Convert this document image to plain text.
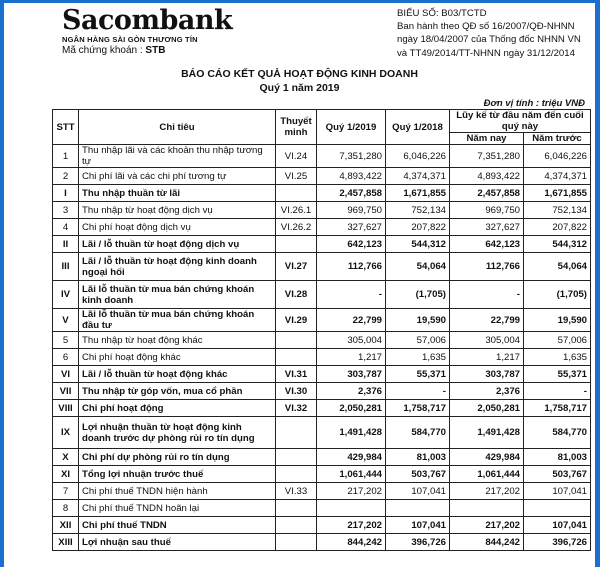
Sacombank
NGÂN HÀNG SÀI GÒN THƯƠNG TÍN
Mã chứng khoán : STB
BIỂU SỐ: B03/TCTD
Ban hành theo QĐ số 16/2007/QĐ-NHNN
ngày 18/04/2007 của Thống đốc NHNN VN
và TT49/2014/TT-NHNN ngày 31/12/2014
BÁO CÁO KẾT QUẢ HOẠT ĐỘNG KINH DOANH
Quý 1 năm 2019
Đơn vị tính : triệu VNĐ
STT	Chỉ tiêu	Thuyết minh	Quý 1/2019	Quý 1/2018	Lũy kế từ đầu năm đến cuối quý này	
					Năm nay	Năm trước
1	Thu nhập lãi và các khoản thu nhập tương tự	VI.24	7,351,280	6,046,226	7,351,280	6,046,226
2	Chi phí lãi và các chi phí tương tự	VI.25	4,893,422	4,374,371	4,893,422	4,374,371
I	Thu nhập thuần từ lãi		2,457,858	1,671,855	2,457,858	1,671,855
3	Thu nhập từ hoạt động dịch vụ	VI.26.1	969,750	752,134	969,750	752,134
4	Chi phí hoạt động dịch vụ	VI.26.2	327,627	207,822	327,627	207,822
II	Lãi / lỗ thuần từ hoạt động dịch vụ		642,123	544,312	642,123	544,312
III	Lãi / lỗ thuần từ hoạt động kinh doanh ngoại hối	VI.27	112,766	54,064	112,766	54,064
IV	Lãi lỗ thuần từ mua bán chứng khoán kinh doanh	VI.28	-	(1,705)	-	(1,705)
V	Lãi lỗ thuần từ mua bán chứng khoán đầu tư	VI.29	22,799	19,590	22,799	19,590
5	Thu nhập từ hoạt động khác		305,004	57,006	305,004	57,006
6	Chi phí hoạt động khác		1,217	1,635	1,217	1,635
VI	Lãi / lỗ thuần từ hoạt động khác	VI.31	303,787	55,371	303,787	55,371
VII	Thu nhập từ góp vốn, mua cổ phần	VI.30	2,376	-	2,376	-
VIII	Chi phí hoạt động	VI.32	2,050,281	1,758,717	2,050,281	1,758,717
IX	Lợi nhuận thuần từ hoạt động kinh doanh trước dự phòng rủi ro tín dụng		1,491,428	584,770	1,491,428	584,770
X	Chi phí dự phòng rủi ro tín dụng		429,984	81,003	429,984	81,003
XI	Tổng lợi nhuận trước thuế		1,061,444	503,767	1,061,444	503,767
7	Chi phí thuế TNDN hiện hành	VI.33	217,202	107,041	217,202	107,041
8	Chi phí thuế TNDN hoãn lại					
XII	Chi phí thuế TNDN		217,202	107,041	217,202	107,041
XIII	Lợi nhuận sau thuế		844,242	396,726	844,242	396,726
